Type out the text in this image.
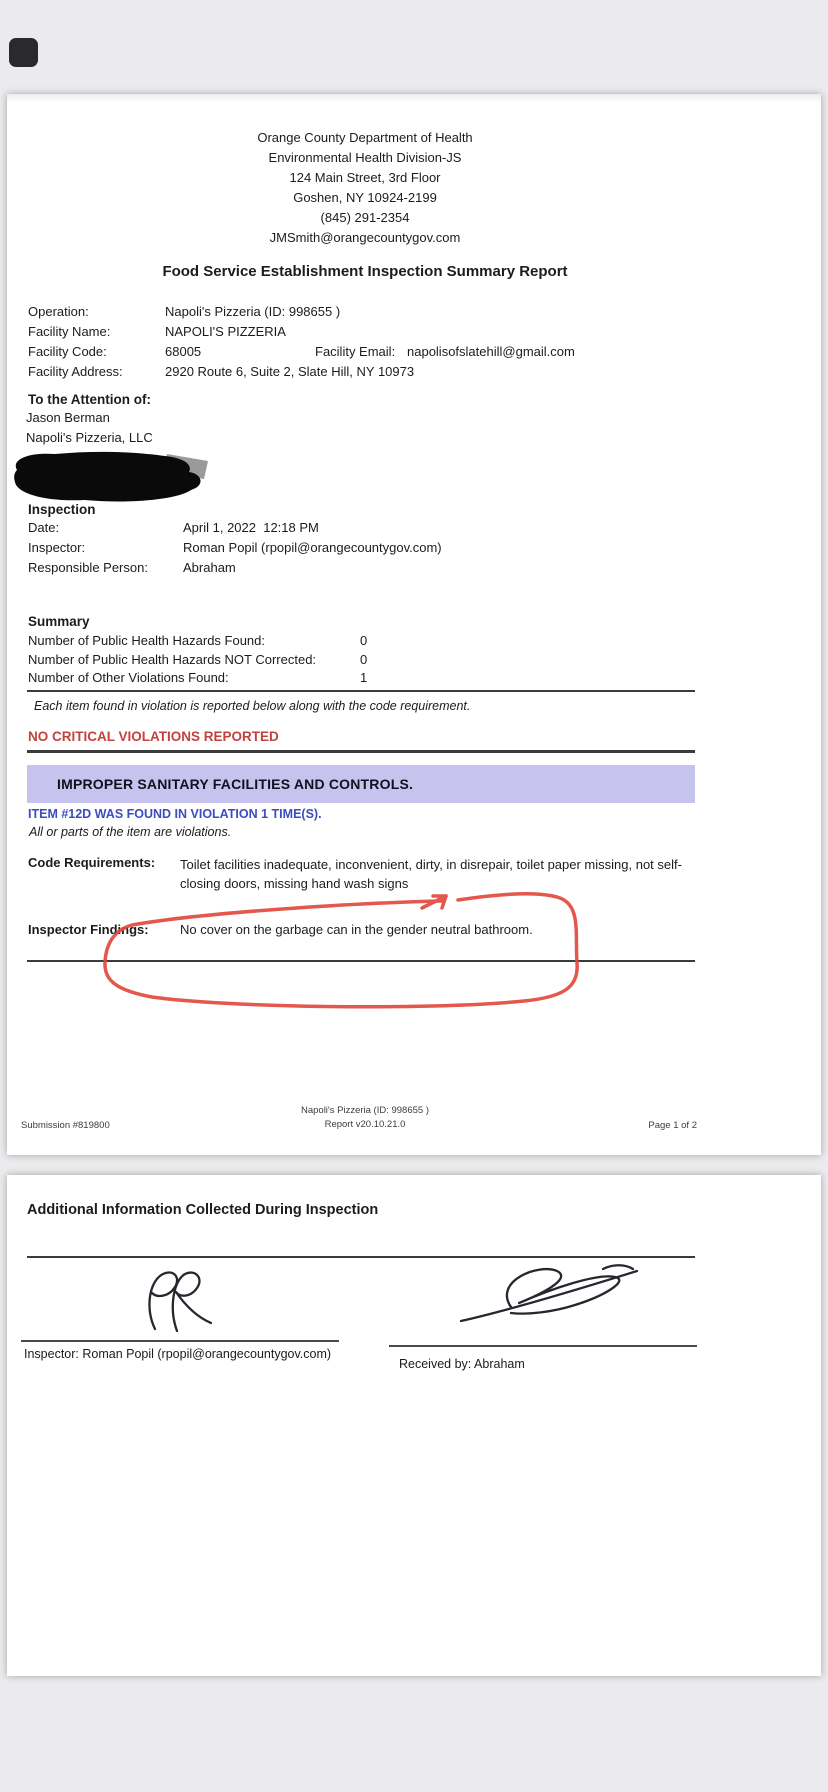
Orange County Department of Health
Environmental Health Division-JS
124 Main Street, 3rd Floor
Goshen, NY 10924-2199
(845) 291-2354
JMSmith@orangecountygov.com
Food Service Establishment Inspection Summary Report
Operation:	Napoli's Pizzeria (ID: 998655 )
Facility Name:	NAPOLI'S PIZZERIA
Facility Code:	68005	Facility Email: napolisofslatehill@gmail.com
Facility Address:	2920 Route 6, Suite 2, Slate Hill, NY 10973
To the Attention of:
Jason Berman
Napoli's Pizzeria, LLC
Inspection
Date:	April 1, 2022  12:18 PM
Inspector:	Roman Popil (rpopil@orangecountygov.com)
Responsible Person:	Abraham
Summary
Number of Public Health Hazards Found:	0
Number of Public Health Hazards NOT Corrected:	0
Number of Other Violations Found:	1
Each item found in violation is reported below along with the code requirement.
NO CRITICAL VIOLATIONS REPORTED
IMPROPER SANITARY FACILITIES AND CONTROLS.
ITEM #12D WAS FOUND IN VIOLATION 1 TIME(S).
All or parts of the item are violations.
Code Requirements: Toilet facilities inadequate, inconvenient, dirty, in disrepair, toilet paper missing, not self-closing doors, missing hand wash signs
Inspector Findings: No cover on the garbage can in the gender neutral bathroom.
Napoli's Pizzeria (ID: 998655 )
Report v20.10.21.0
Submission #819800	Page 1 of 2
Additional Information Collected During Inspection
Inspector: Roman Popil (rpopil@orangecountygov.com)
Received by: Abraham
